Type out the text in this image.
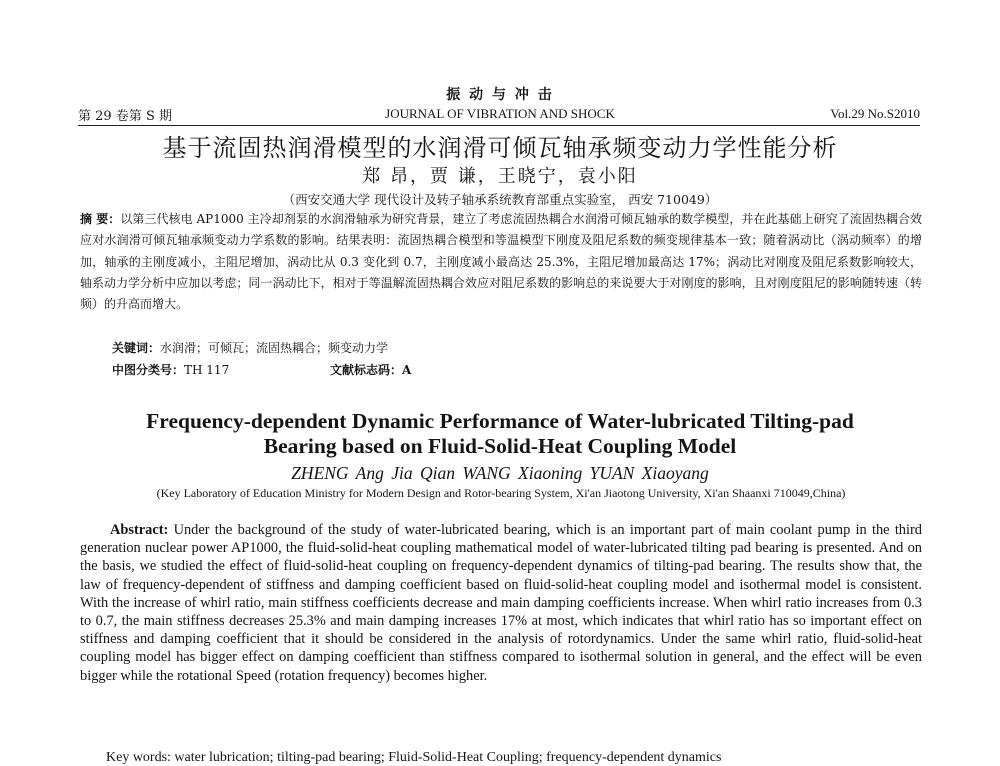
振 动 与 冲 击
第 29 卷第 S 期	JOURNAL OF VIBRATION AND SHOCK	Vol.29 No.S2010
基于流固热润滑模型的水润滑可倾瓦轴承频变动力学性能分析
郑 昂，贾 谦，王晓宁，袁小阳
（西安交通大学 现代设计及转子轴承系统教育部重点实验室， 西安 710049）
摘 要：以第三代核电 AP1000 主冷却剂泵的水润滑轴承为研究背景，建立了考虑流固热耦合水润滑可倾瓦轴承的数学模型，并在此基础上研究了流固热耦合效应对水润滑可倾瓦轴承频变动力学系数的影响。结果表明：流固热耦合模型和等温模型下刚度及阻尼系数的频变规律基本一致；随着涡动比（涡动频率）的增加，轴承的主刚度减小，主阻尼增加，涡动比从 0.3 变化到 0.7，主刚度减小最高达 25.3%，主阻尼增加最高达 17%；涡动比对刚度及阻尼系数影响较大，轴系动力学分析中应加以考虑；同一涡动比下，相对于等温解流固热耦合效应对阻尼系数的影响总的来说要大于对刚度的影响，且对刚度阻尼的影响随转速（转频）的升高而增大。
关键词：水润滑；可倾瓦；流固热耦合；频变动力学
中图分类号：TH 117	文献标志码：A
Frequency-dependent Dynamic Performance of Water-lubricated Tilting-pad
Bearing based on Fluid-Solid-Heat Coupling Model
ZHENG Ang Jia Qian WANG Xiaoning YUAN Xiaoyang
(Key Laboratory of Education Ministry for Modern Design and Rotor-bearing System, Xi'an Jiaotong University, Xi'an Shaanxi 710049,China)
Abstract: Under the background of the study of water-lubricated bearing, which is an important part of main coolant pump in the third generation nuclear power AP1000, the fluid-solid-heat coupling mathematical model of water-lubricated tilting pad bearing is presented. And on the basis, we studied the effect of fluid-solid-heat coupling on frequency-dependent dynamics of tilting-pad bearing. The results show that, the law of frequency-dependent of stiffness and damping coefficient based on fluid-solid-heat coupling model and isothermal model is consistent. With the increase of whirl ratio, main stiffness coefficients decrease and main damping coefficients increase. When whirl ratio increases from 0.3 to 0.7, the main stiffness decreases 25.3% and main damping increases 17% at most, which indicates that whirl ratio has so important effect on stiffness and damping coefficient that it should be considered in the analysis of rotordynamics. Under the same whirl ratio, fluid-solid-heat coupling model has bigger effect on damping coefficient than stiffness compared to isothermal solution in general, and the effect will be even bigger while the rotational Speed (rotation frequency) becomes higher.
Key words: water lubrication; tilting-pad bearing; Fluid-Solid-Heat Coupling; frequency-dependent dynamics
